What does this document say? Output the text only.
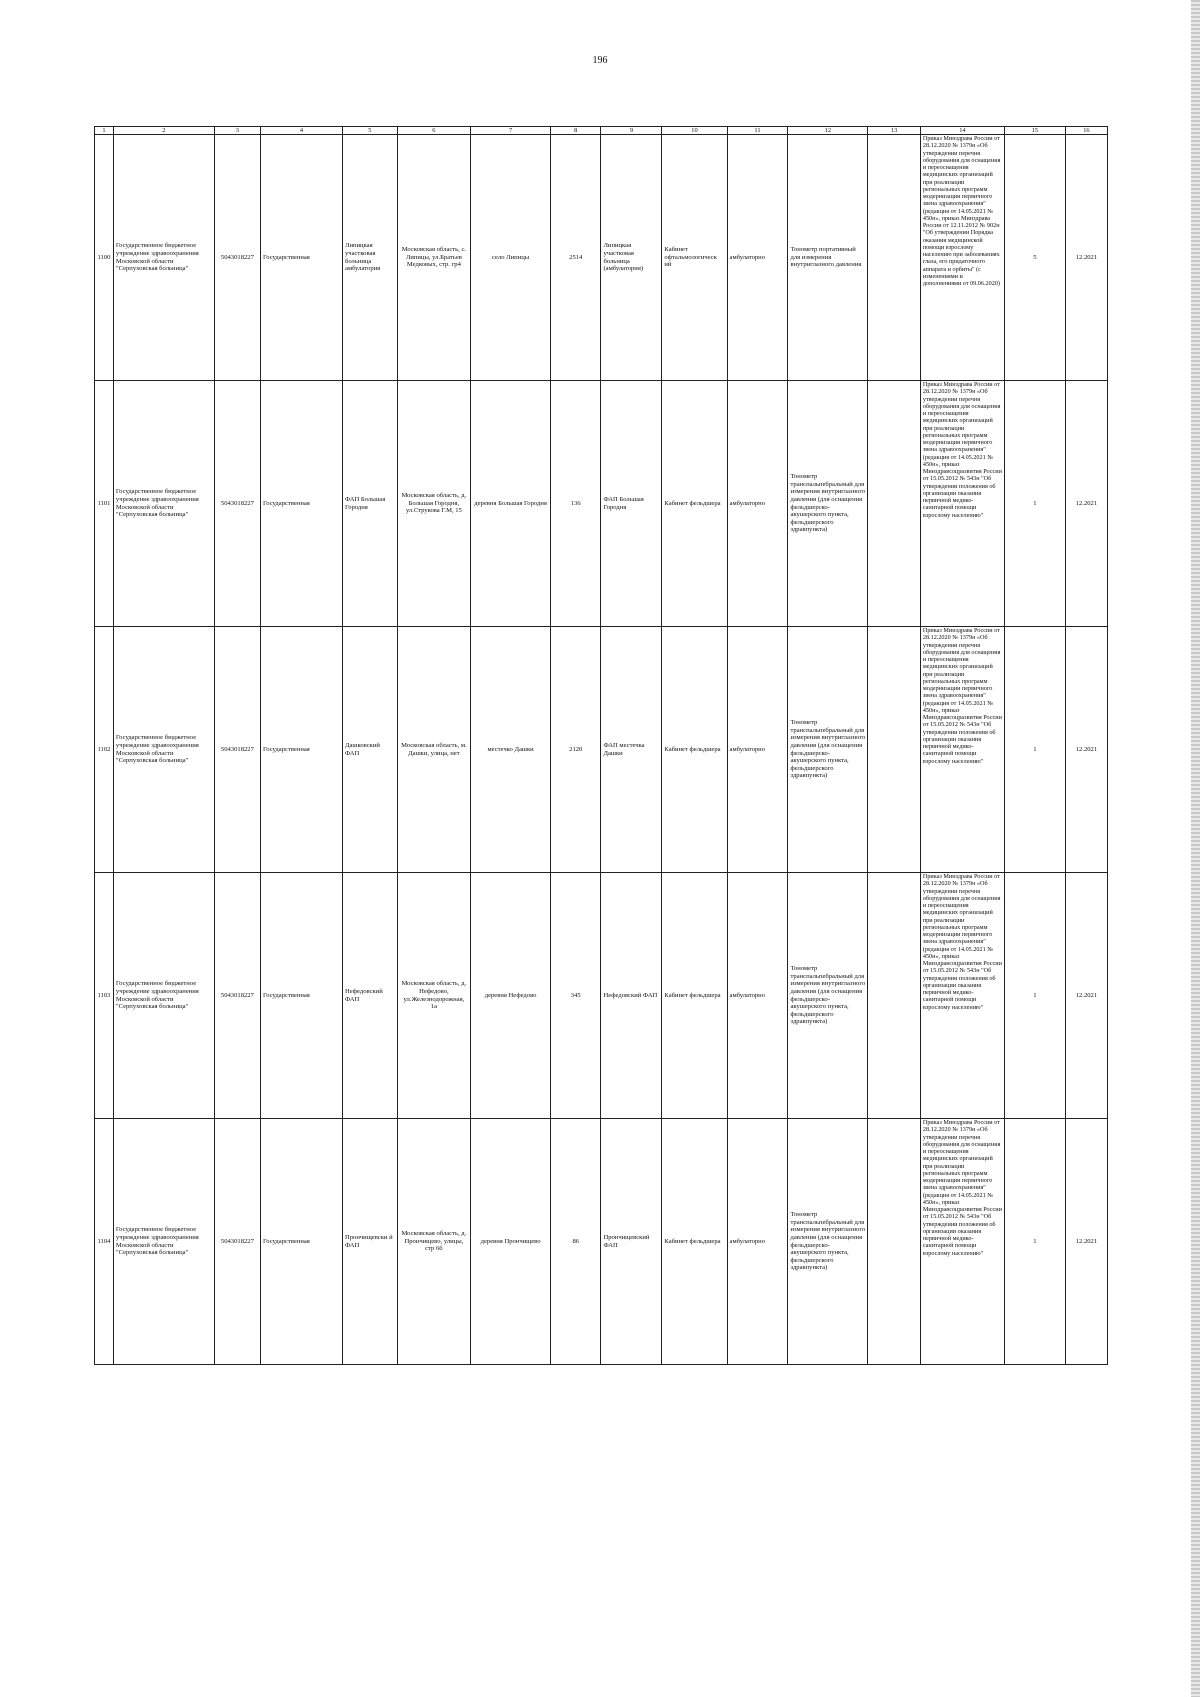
196
1	2	3	4	5	6	7	8	9	10	11	12	13	14	15	16
1100	Государственное бюджетное учреждение здравоохранения Московской области "Серпуховская больница"	5043018227	Государственная	Липицкая участковая больница амбулатория	Московская область, с. Липицы, ул.Братьев Медковых, стр. гр4	село Липицы	2514	Липицкая участковая больница (амбулатория)	Кабинет офтальмологическ ий	амбулаторно	Тонометр портативный для измерения внутриглазного давления		Приказ Минздрава России от 28.12.2020 № 1379н «Об утверждении перечня оборудования для оснащения и переоснащения медицинских организаций при реализации региональных программ модернизации первичного звена здравоохранения"(редакция от 14.05.2021 № 450н», приказ Минздрава России от 12.11.2012 № 902н "Об утверждении Порядка оказания медицинской помощи взрослому населению при заболеваниях глаза, его придаточного аппарата и орбиты" (с изменениями и дополнениями от 09.06.2020)	5	12.2021
1101	Государственное бюджетное учреждение здравоохранения Московской области "Серпуховская больница"	5043018227	Государственная	ФАП Большая Городня	Московская область, д. Большая Городня, ул.Струкова Г.М, 15	деревня Большая Городня	136	ФАП Большая Городня	Кабинет фельдшера	амбулаторно	Тонометр транспальпебральный для измерения внутриглазного давления (для оснащения фельдшерско-акушерского пункта, фельдшерского здравпункта)		Приказ Минздрава России от 28.12.2020 № 1379н «Об утверждении перечня оборудования для оснащения и переоснащения медицинских организаций при реализации региональных программ модернизации первичного звена здравоохранения"(редакция от 14.05.2021 № 450н», приказ Минздравсоцразвития России от 15.05.2012 № 543н "Об утверждении положения об организации оказания первичной медико-санитарной помощи взрослому населению"	1	12.2021
1102	Государственное бюджетное учреждение здравоохранения Московской области "Серпуховская больница"	5043018227	Государственная	Дашковский ФАП	Московская область, м. Дашки, улица, нет	местечко Дашки	2120	ФАП местечка Дашки	Кабинет фельдшера	амбулаторно	Тонометр транспальпебральный для измерения внутриглазного давления (для оснащения фельдшерско-акушерского пункта, фельдшерского здравпункта)		Приказ Минздрава России от 28.12.2020 № 1379н «Об утверждении перечня оборудования для оснащения и переоснащения медицинских организаций при реализации региональных программ модернизации первичного звена здравоохранения"(редакция от 14.05.2021 № 450н», приказ Минздравсоцразвития России от 15.05.2012 № 543н "Об утверждении положения об организации оказания первичной медико-санитарной помощи взрослому населению"	1	12.2021
1103	Государственное бюджетное учреждение здравоохранения Московской области "Серпуховская больница"	5043018227	Государственная	Нефедовский ФАП	Московская область, д. Нефедово, ул.Железнодорожная, 1а	деревня Нефедово	345	Нефедовский ФАП	Кабинет фельдшера	амбулаторно	Тонометр транспальпебральный для измерения внутриглазного давления (для оснащения фельдшерско-акушерского пункта, фельдшерского здравпункта)		Приказ Минздрава России от 28.12.2020 № 1379н «Об утверждении перечня оборудования для оснащения и переоснащения медицинских организаций при реализации региональных программ модернизации первичного звена здравоохранения"(редакция от 14.05.2021 № 450н», приказ Минздравсоцразвития России от 15.05.2012 № 543н "Об утверждении положения об организации оказания первичной медико-санитарной помощи взрослому населению"	1	12.2021
1104	Государственное бюджетное учреждение здравоохранения Московской области "Серпуховская больница"	5043018227	Государственная	Прончищевски й ФАП	Московская область, д. Прончищево, улицы, стр 6б	деревня Прончищево	86	Прончищевский ФАП	Кабинет фельдшера	амбулаторно	Тонометр транспальпебральный для измерения внутриглазного давления (для оснащения фельдшерско-акушерского пункта, фельдшерского здравпункта)		Приказ Минздрава России от 28.12.2020 № 1379н «Об утверждении перечня оборудования для оснащения и переоснащения медицинских организаций при реализации региональных программ модернизации первичного звена здравоохранения"(редакция от 14.05.2021 № 450н», приказ Минздравсоцразвития России от 15.05.2012 № 543н "Об утверждении положения об организации оказания первичной медико-санитарной помощи взрослому населению"	1	12.2021
